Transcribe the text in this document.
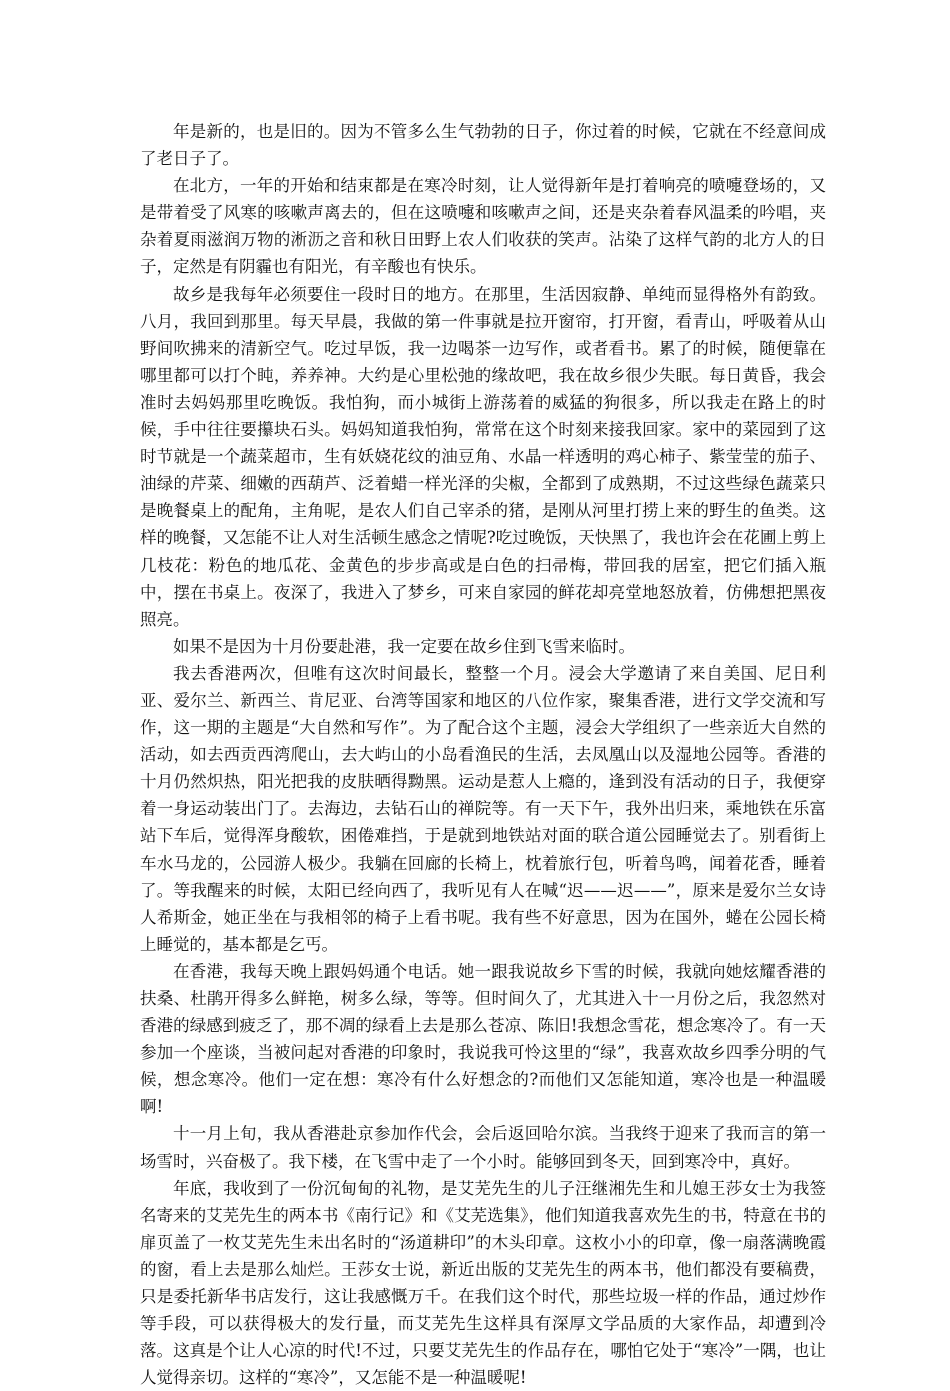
年是新的，也是旧的。因为不管多么生气勃勃的日子，你过着的时候，它就在不经意间成了老日子了。

在北方，一年的开始和结束都是在寒冷时刻，让人觉得新年是打着响亮的喷嚏登场的，又是带着受了风寒的咳嗽声离去的，但在这喷嚏和咳嗽声之间，还是夹杂着春风温柔的吟唱，夹杂着夏雨滋润万物的淅沥之音和秋日田野上农人们收获的笑声。沾染了这样气韵的北方人的日子，定然是有阴霾也有阳光，有辛酸也有快乐。

故乡是我每年必须要住一段时日的地方。在那里，生活因寂静、单纯而显得格外有韵致。八月，我回到那里。每天早晨，我做的第一件事就是拉开窗帘，打开窗，看青山，呼吸着从山野间吹拂来的清新空气。吃过早饭，我一边喝茶一边写作，或者看书。累了的时候，随便靠在哪里都可以打个盹，养养神。大约是心里松弛的缘故吧，我在故乡很少失眠。每日黄昏，我会准时去妈妈那里吃晚饭。我怕狗，而小城街上游荡着的威猛的狗很多，所以我走在路上的时候，手中往往要攥块石头。妈妈知道我怕狗，常常在这个时刻来接我回家。家中的菜园到了这时节就是一个蔬菜超市，生有妖娆花纹的油豆角、水晶一样透明的鸡心柿子、紫莹莹的茄子、油绿的芹菜、细嫩的西葫芦、泛着蜡一样光泽的尖椒，全都到了成熟期，不过这些绿色蔬菜只是晚餐桌上的配角，主角呢，是农人们自己宰杀的猪，是刚从河里打捞上来的野生的鱼类。这样的晚餐，又怎能不让人对生活顿生感念之情呢?吃过晚饭，天快黑了，我也许会在花圃上剪上几枝花：粉色的地瓜花、金黄色的步步高或是白色的扫帚梅，带回我的居室，把它们插入瓶中，摆在书桌上。夜深了，我进入了梦乡，可来自家园的鲜花却亮堂地怒放着，仿佛想把黑夜照亮。

如果不是因为十月份要赴港，我一定要在故乡住到飞雪来临时。

我去香港两次，但唯有这次时间最长，整整一个月。浸会大学邀请了来自美国、尼日利亚、爱尔兰、新西兰、肯尼亚、台湾等国家和地区的八位作家，聚集香港，进行文学交流和写作，这一期的主题是“大自然和写作”。为了配合这个主题，浸会大学组织了一些亲近大自然的活动，如去西贡西湾爬山，去大屿山的小岛看渔民的生活，去凤凰山以及湿地公园等。香港的十月仍然炽热，阳光把我的皮肤晒得黝黑。运动是惹人上瘾的，逢到没有活动的日子，我便穿着一身运动装出门了。去海边，去钻石山的禅院等。有一天下午，我外出归来，乘地铁在乐富站下车后，觉得浑身酸软，困倦难挡，于是就到地铁站对面的联合道公园睡觉去了。别看街上车水马龙的，公园游人极少。我躺在回廊的长椅上，枕着旅行包，听着鸟鸣，闻着花香，睡着了。等我醒来的时候，太阳已经向西了，我听见有人在喊“迟——迟——”，原来是爱尔兰女诗人希斯金，她正坐在与我相邻的椅子上看书呢。我有些不好意思，因为在国外，蜷在公园长椅上睡觉的，基本都是乞丐。

在香港，我每天晚上跟妈妈通个电话。她一跟我说故乡下雪的时候，我就向她炫耀香港的扶桑、杜鹃开得多么鲜艳，树多么绿，等等。但时间久了，尤其进入十一月份之后，我忽然对香港的绿感到疲乏了，那不凋的绿看上去是那么苍凉、陈旧!我想念雪花，想念寒冷了。有一天参加一个座谈，当被问起对香港的印象时，我说我可怜这里的“绿”，我喜欢故乡四季分明的气候，想念寒冷。他们一定在想：寒冷有什么好想念的?而他们又怎能知道，寒冷也是一种温暖啊!

十一月上旬，我从香港赴京参加作代会，会后返回哈尔滨。当我终于迎来了我而言的第一场雪时，兴奋极了。我下楼，在飞雪中走了一个小时。能够回到冬天，回到寒冷中，真好。

年底，我收到了一份沉甸甸的礼物，是艾芜先生的儿子汪继湘先生和儿媳王莎女士为我签名寄来的艾芜先生的两本书《南行记》和《艾芜选集》，他们知道我喜欢先生的书，特意在书的扉页盖了一枚艾芜先生未出名时的“汤道耕印”的木头印章。这枚小小的印章，像一扇落满晚霞的窗，看上去是那么灿烂。王莎女士说，新近出版的艾芜先生的两本书，他们都没有要稿费，只是委托新华书店发行，这让我感慨万千。在我们这个时代，那些垃圾一样的作品，通过炒作等手段，可以获得极大的发行量，而艾芜先生这样具有深厚文学品质的大家作品，却遭到冷落。这真是个让人心凉的时代!不过，只要艾芜先生的作品存在，哪怕它处于“寒冷”一隅，也让人觉得亲切。这样的“寒冷”，又怎能不是一种温暖呢!
